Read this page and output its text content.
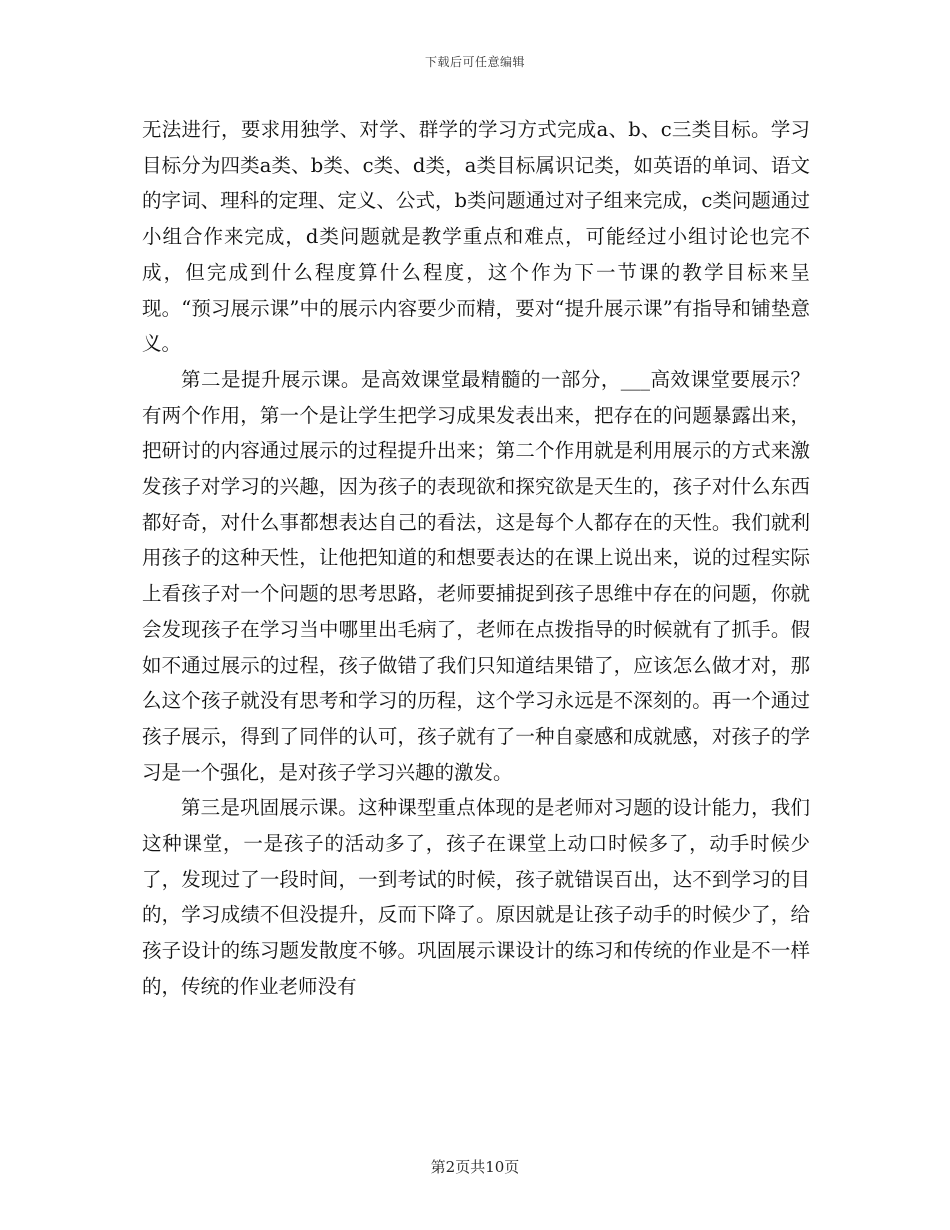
下载后可任意编辑

无法进行，要求用独学、对学、群学的学习方式完成a、b、c三类目标。学习目标分为四类a类、b类、c类、d类，a类目标属识记类，如英语的单词、语文的字词、理科的定理、定义、公式，b类问题通过对子组来完成，c类问题通过小组合作来完成，d类问题就是教学重点和难点，可能经过小组讨论也完不成，但完成到什么程度算什么程度，这个作为下一节课的教学目标来呈现。“预习展示课”中的展示内容要少而精，要对“提升展示课”有指导和铺垫意义。

第二是提升展示课。是高效课堂最精髓的一部分，___高效课堂要展示？有两个作用，第一个是让学生把学习成果发表出来，把存在的问题暴露出来，把研讨的内容通过展示的过程提升出来；第二个作用就是利用展示的方式来激发孩子对学习的兴趣，因为孩子的表现欲和探究欲是天生的，孩子对什么东西都好奇，对什么事都想表达自己的看法，这是每个人都存在的天性。我们就利用孩子的这种天性，让他把知道的和想要表达的在课上说出来，说的过程实际上看孩子对一个问题的思考思路，老师要捕捉到孩子思维中存在的问题，你就会发现孩子在学习当中哪里出毛病了，老师在点拨指导的时候就有了抓手。假如不通过展示的过程，孩子做错了我们只知道结果错了，应该怎么做才对，那么这个孩子就没有思考和学习的历程，这个学习永远是不深刻的。再一个通过孩子展示，得到了同伴的认可，孩子就有了一种自豪感和成就感，对孩子的学习是一个强化，是对孩子学习兴趣的激发。

第三是巩固展示课。这种课型重点体现的是老师对习题的设计能力，我们这种课堂，一是孩子的活动多了，孩子在课堂上动口时候多了，动手时候少了，发现过了一段时间，一到考试的时候，孩子就错误百出，达不到学习的目的，学习成绩不但没提升，反而下降了。原因就是让孩子动手的时候少了，给孩子设计的练习题发散度不够。巩固展示课设计的练习和传统的作业是不一样的，传统的作业老师没有

第2页共10页
